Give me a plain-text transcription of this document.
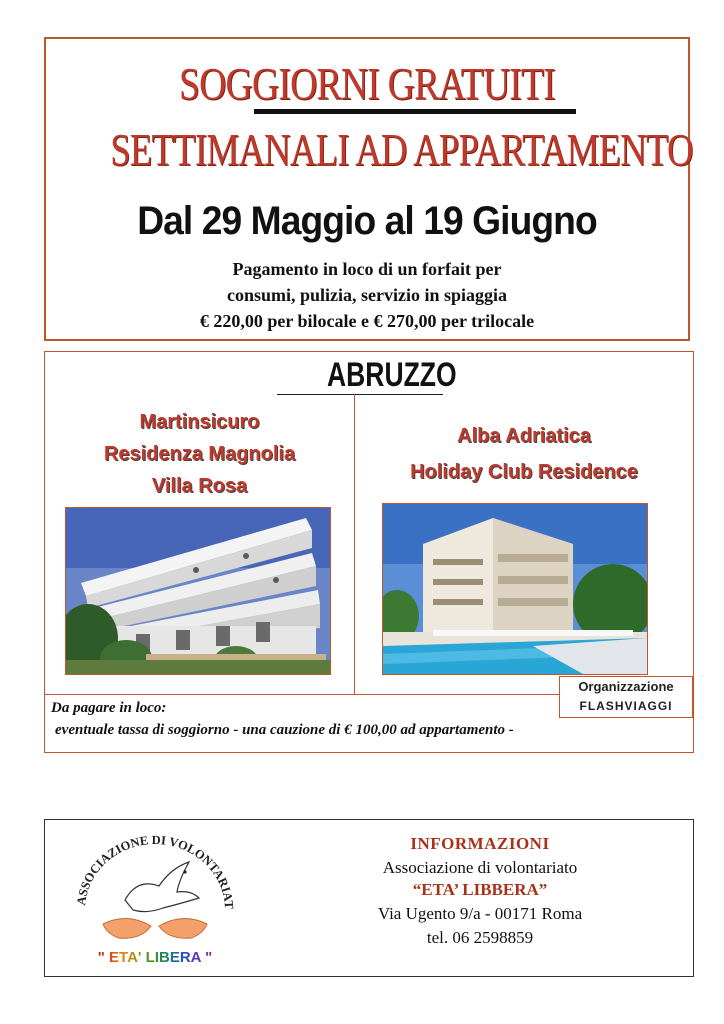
SOGGIORNI GRATUITI
SETTIMANALI AD APPARTAMENTO
Dal 29 Maggio al 19 Giugno
Pagamento in loco di un forfait per
consumi, pulizia, servizio in spiaggia
€ 220,00 per bilocale e € 270,00 per trilocale
ABRUZZO
Martinsicuro
Residenza Magnolia
Villa Rosa
Alba Adriatica
Holiday Club Residence
Organizzazione
FLASHVIAGGI
Da pagare in loco:
eventuale tassa di soggiorno - una cauzione di € 100,00 ad appartamento -
ASSOCIAZIONE DI VOLONTARIAT
" ETA' LIBERA "
INFORMAZIONI
Associazione di volontariato
“ETA’ LIBBERA”
Via Ugento 9/a - 00171 Roma
tel. 06 2598859
